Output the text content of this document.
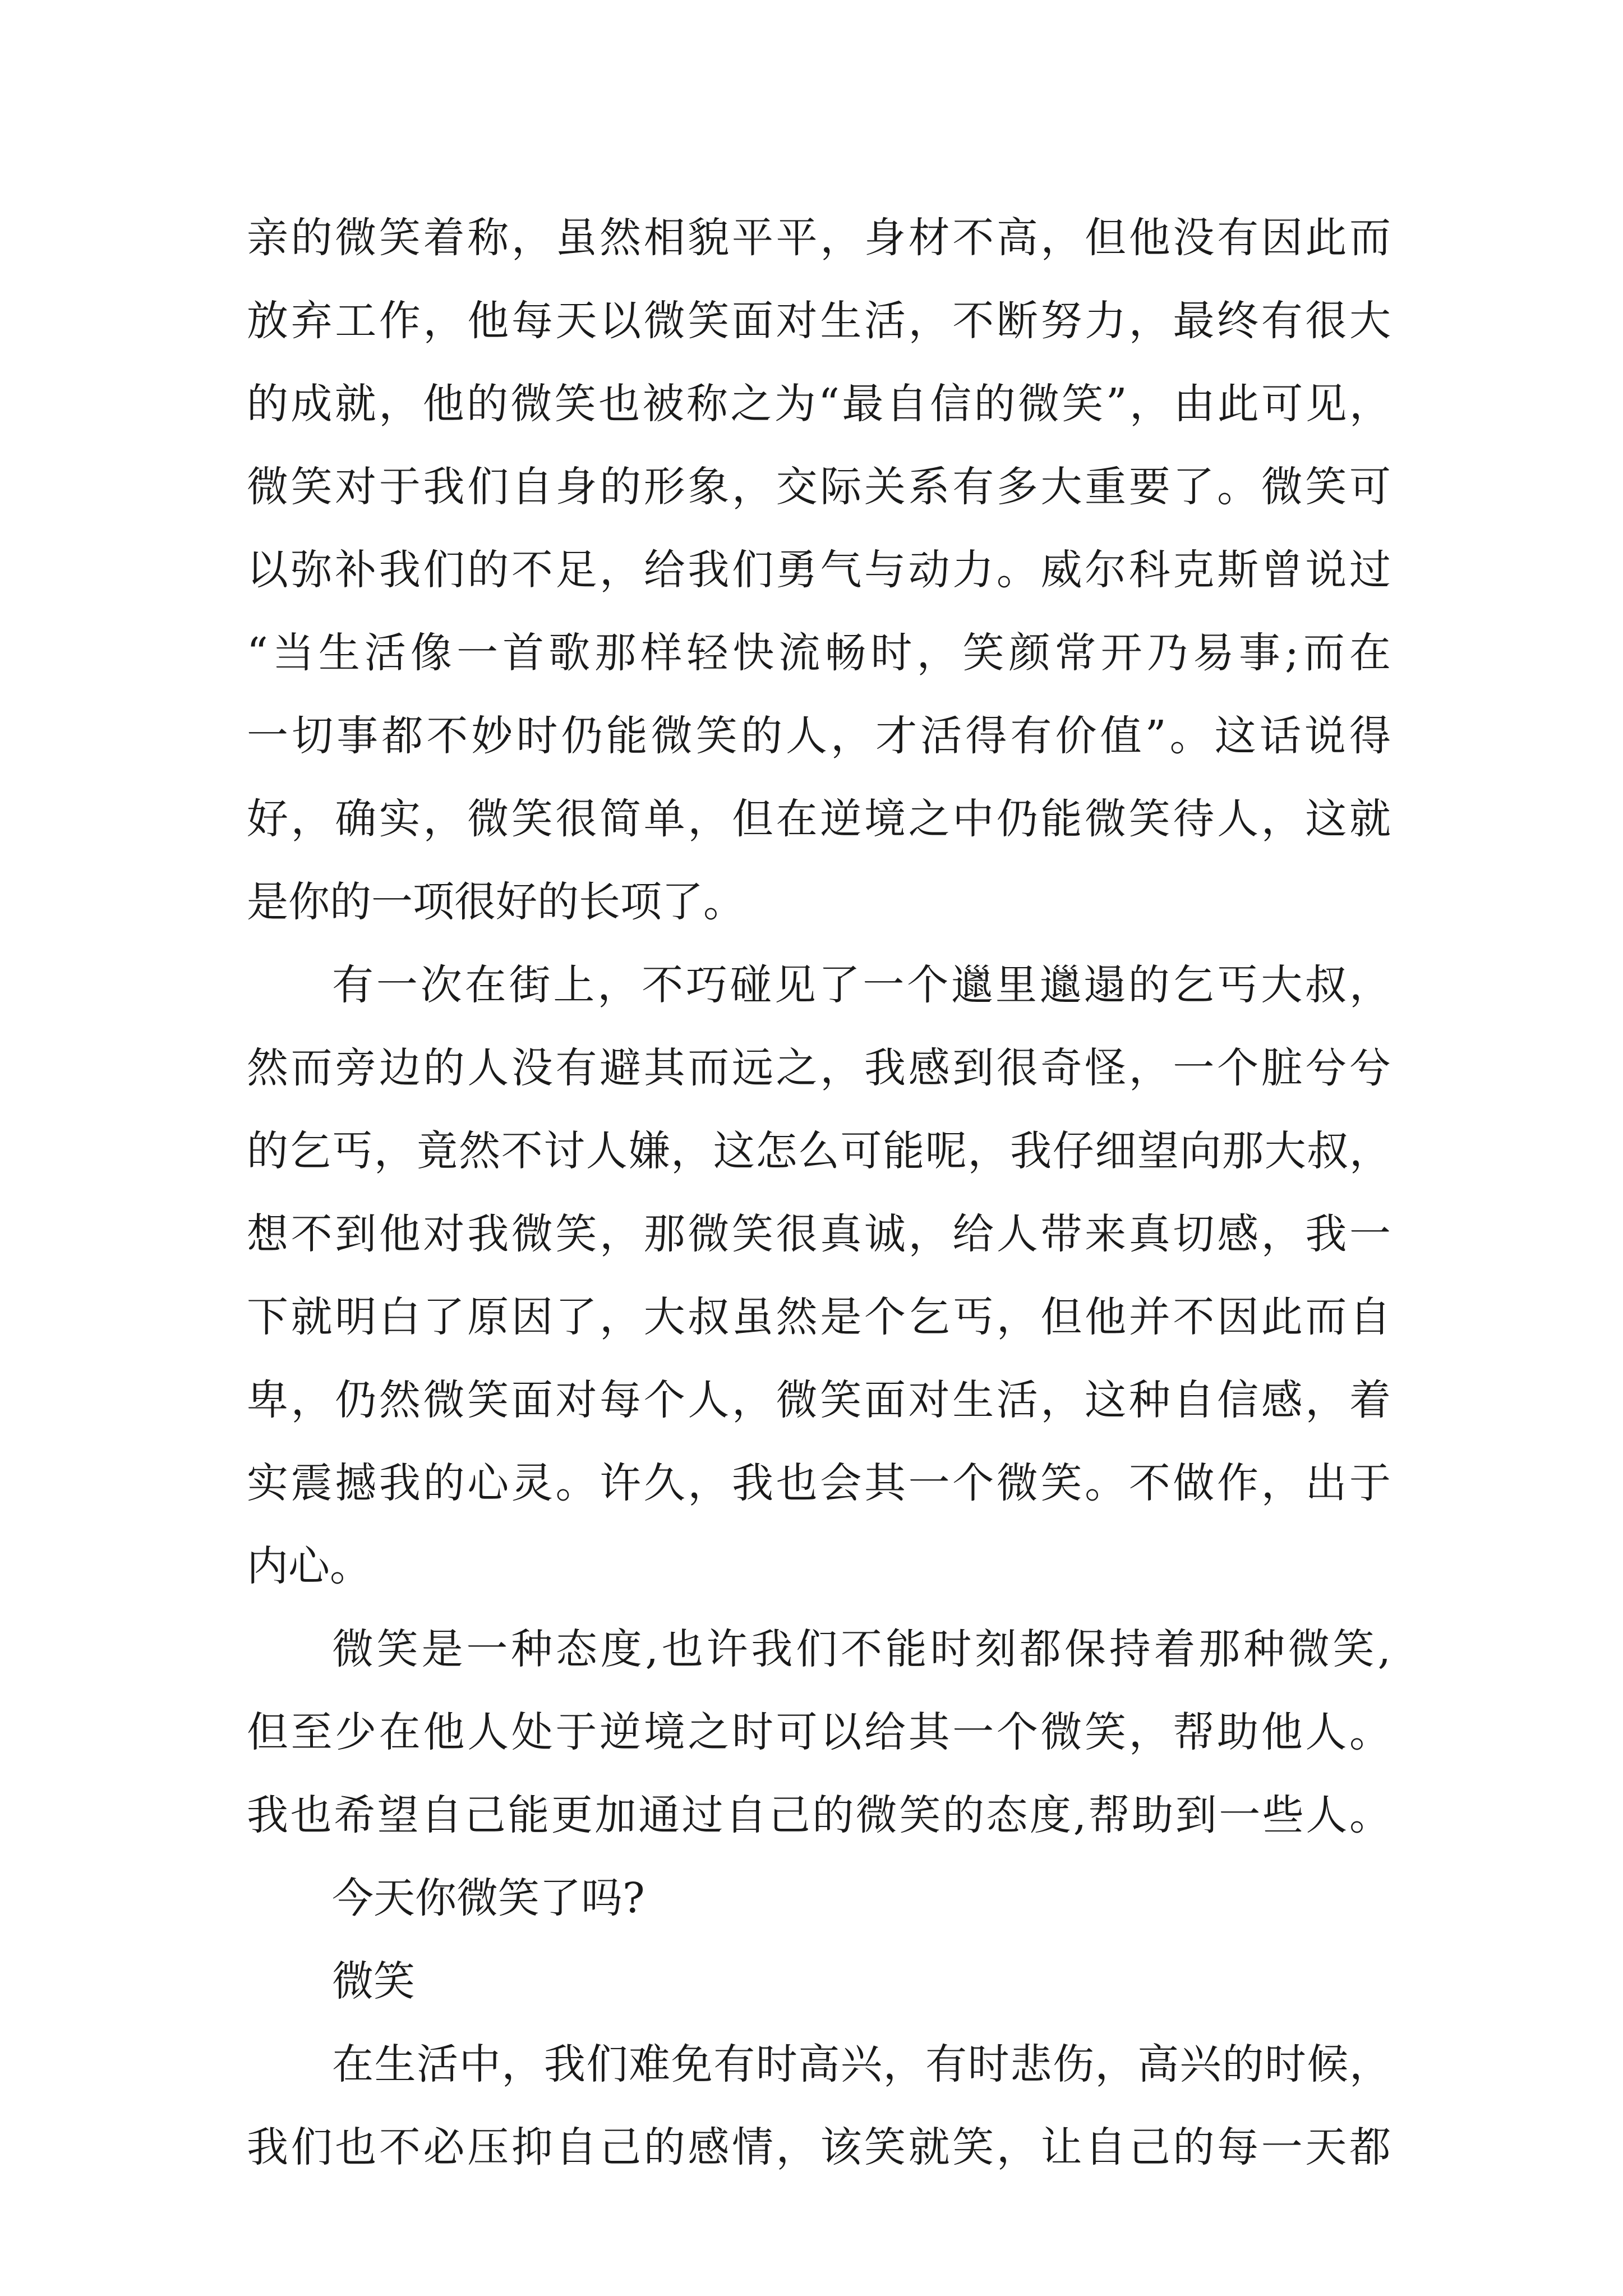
亲的微笑着称，虽然相貌平平，身材不高，但他没有因此而
放弃工作，他每天以微笑面对生活，不断努力，最终有很大
的成就，他的微笑也被称之为“最自信的微笑”，由此可见，
微笑对于我们自身的形象，交际关系有多大重要了。微笑可
以弥补我们的不足，给我们勇气与动力。威尔科克斯曾说过
“当生活像一首歌那样轻快流畅时，笑颜常开乃易事;而在
一切事都不妙时仍能微笑的人，才活得有价值”。这话说得
好，确实，微笑很简单，但在逆境之中仍能微笑待人，这就
是你的一项很好的长项了。
有一次在街上，不巧碰见了一个邋里邋遢的乞丐大叔，
然而旁边的人没有避其而远之，我感到很奇怪，一个脏兮兮
的乞丐，竟然不讨人嫌，这怎么可能呢，我仔细望向那大叔，
想不到他对我微笑，那微笑很真诚，给人带来真切感，我一
下就明白了原因了，大叔虽然是个乞丐，但他并不因此而自
卑，仍然微笑面对每个人，微笑面对生活，这种自信感，着
实震撼我的心灵。许久，我也会其一个微笑。不做作，出于
内心。
微笑是一种态度,也许我们不能时刻都保持着那种微笑,
但至少在他人处于逆境之时可以给其一个微笑，帮助他人。
我也希望自己能更加通过自己的微笑的态度,帮助到一些人。
今天你微笑了吗?
微笑
在生活中，我们难免有时高兴，有时悲伤，高兴的时候，
我们也不必压抑自己的感情，该笑就笑，让自己的每一天都
